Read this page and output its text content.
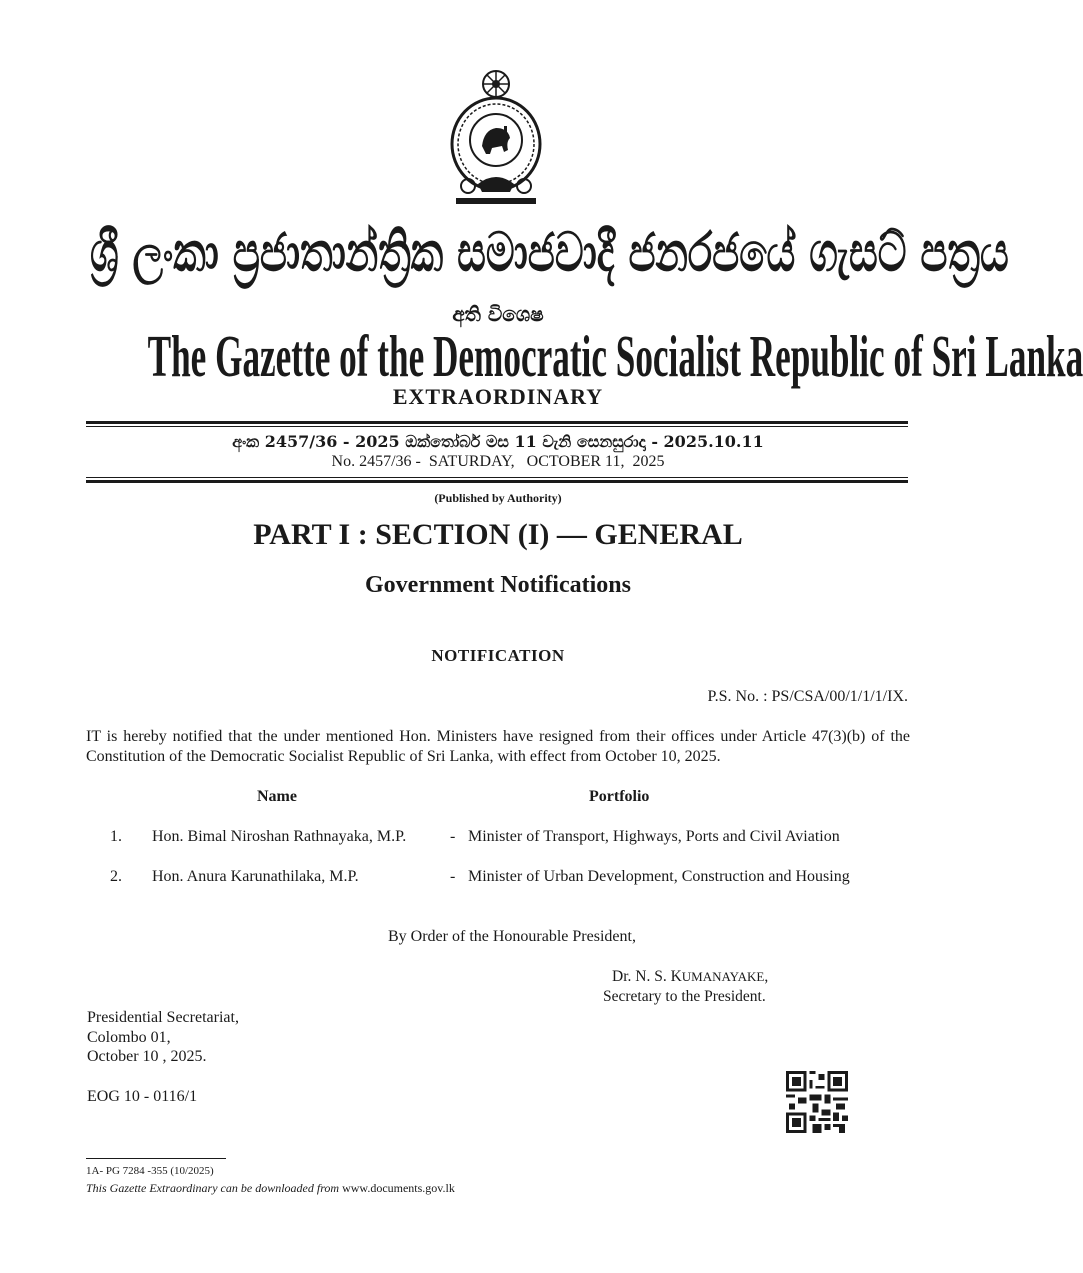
ශ්‍රී ලංකා ප්‍රජාතාන්ත්‍රික සමාජවාදී ජනරජයේ ගැසට් පත්‍රය
අති විශෙෂ
The Gazette of the Democratic Socialist Republic of Sri Lanka
EXTRAORDINARY
අංක 2457/36 - 2025 ඔක්තෝබර් මස 11 වැනි සෙනසුරාදා - 2025.10.11
No. 2457/36 -  SATURDAY,   OCTOBER 11,  2025
(Published by Authority)
PART I : SECTION (I) — GENERAL
Government Notifications
NOTIFICATION
P.S. No. : PS/CSA/00/1/1/1/IX.
IT is hereby notified that the under mentioned Hon. Ministers have resigned from their offices under Article 47(3)(b) of the Constitution of the Democratic Socialist Republic of Sri Lanka, with effect from October 10, 2025.
Name	Portfolio
1. Hon. Bimal Niroshan Rathnayaka, M.P.	- Minister of Transport, Highways, Ports and Civil Aviation
2. Hon. Anura Karunathilaka, M.P.	- Minister of Urban Development, Construction and Housing
By Order of the Honourable President,
Dr. N. S. KUMANAYAKE,
Secretary to the President.
Presidential Secretariat,
Colombo 01,
October 10 , 2025.
EOG 10 - 0116/1
1A- PG 7284 -355 (10/2025)
This Gazette Extraordinary can be downloaded from www.documents.gov.lk
